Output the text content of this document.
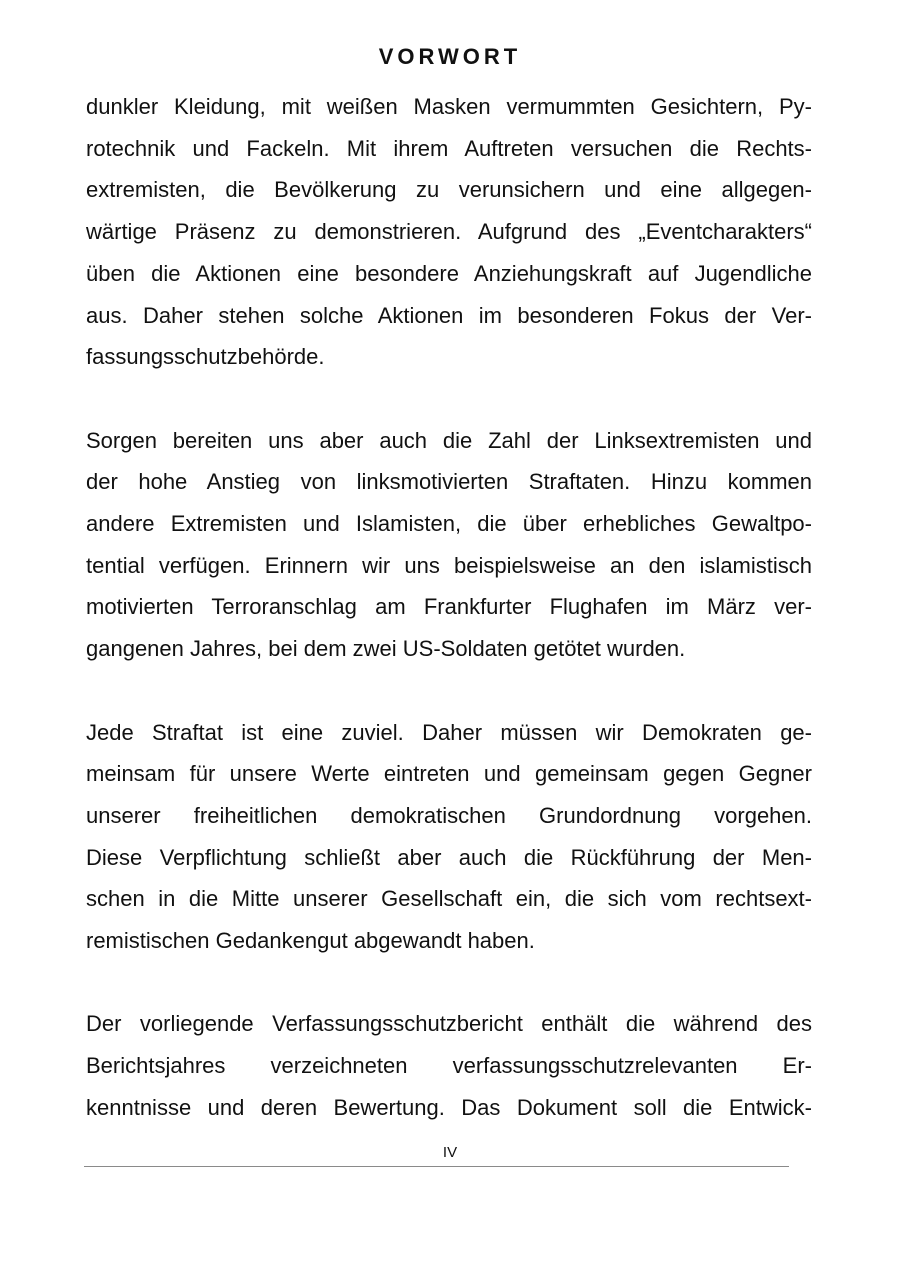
VORWORT

dunkler Kleidung, mit weißen Masken vermummten Gesichtern, Py-
rotechnik und Fackeln. Mit ihrem Auftreten versuchen die Rechts-
extremisten, die Bevölkerung zu verunsichern und eine allgegen-
wärtige Präsenz zu demonstrieren. Aufgrund des „Eventcharakters“
üben die Aktionen eine besondere Anziehungskraft auf Jugendliche
aus. Daher stehen solche Aktionen im besonderen Fokus der Ver-
fassungsschutzbehörde.

Sorgen bereiten uns aber auch die Zahl der Linksextremisten und
der hohe Anstieg von linksmotivierten Straftaten. Hinzu kommen
andere Extremisten und Islamisten, die über erhebliches Gewaltpo-
tential verfügen. Erinnern wir uns beispielsweise an den islamistisch
motivierten Terroranschlag am Frankfurter Flughafen im März ver-
gangenen Jahres, bei dem zwei US-Soldaten getötet wurden.

Jede Straftat ist eine zuviel. Daher müssen wir Demokraten ge-
meinsam für unsere Werte eintreten und gemeinsam gegen Gegner
unserer freiheitlichen demokratischen Grundordnung vorgehen.
Diese Verpflichtung schließt aber auch die Rückführung der Men-
schen in die Mitte unserer Gesellschaft ein, die sich vom rechtsext-
remistischen Gedankengut abgewandt haben.

Der vorliegende Verfassungsschutzbericht enthält die während des
Berichtsjahres verzeichneten verfassungsschutzrelevanten Er-
kenntnisse und deren Bewertung. Das Dokument soll die Entwick-

IV
